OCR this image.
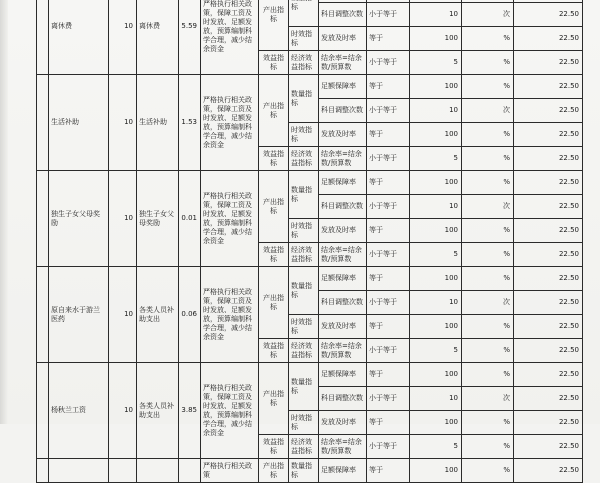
	离休费	10	离休费	5.59	严格执行相关政策，保障工资及时发放、足额发放，预算编制科学合理，减少结余资金	产出指标	标					
								科目调整次数	小于等于	10	次	22.50
							时效指标	发放及时率	等于	100	%	22.50
						效益指标	经济效益指标	结余率=结余数/预算数	小于等于	5	%	22.50
	生活补助	10	生活补助	1.53	严格执行相关政策，保障工资及时发放、足额发放，预算编制科学合理，减少结余资金	产出指标	数量指标	足额保障率	等于	100	%	22.50
								科目调整次数	小于等于	10	次	22.50
							时效指标	发放及时率	等于	100	%	22.50
						效益指标	经济效益指标	结余率=结余数/预算数	小于等于	5	%	22.50
	独生子女父母奖励	10	独生子女父母奖励	0.01	严格执行相关政策，保障工资及时发放、足额发放，预算编制科学合理，减少结余资金	产出指标	数量指标	足额保障率	等于	100	%	22.50
								科目调整次数	小于等于	10	次	22.50
							时效指标	发放及时率	等于	100	%	22.50
						效益指标	经济效益指标	结余率=结余数/预算数	小于等于	5	%	22.50
	原自来水于游兰医药	10	各类人员补助支出	0.06	严格执行相关政策，保障工资及时发放、足额发放，预算编制科学合理，减少结余资金	产出指标	数量指标	足额保障率	等于	100	%	22.50
								科目调整次数	小于等于	10	次	22.50
							时效指标	发放及时率	等于	100	%	22.50
						效益指标	经济效益指标	结余率=结余数/预算数	小于等于	5	%	22.50
	杨秋兰工资	10	各类人员补助支出	3.85	严格执行相关政策，保障工资及时发放、足额发放，预算编制科学合理，减少结余资金	产出指标	数量指标	足额保障率	等于	100	%	22.50
								科目调整次数	小于等于	10	次	22.50
							时效指标	发放及时率	等于	100	%	22.50
						效益指标	经济效益指标	结余率=结余数/预算数	小于等于	5	%	22.50
					严格执行相关政策	产出指标	数量指标	足额保障率	等于	100	%	22.50
